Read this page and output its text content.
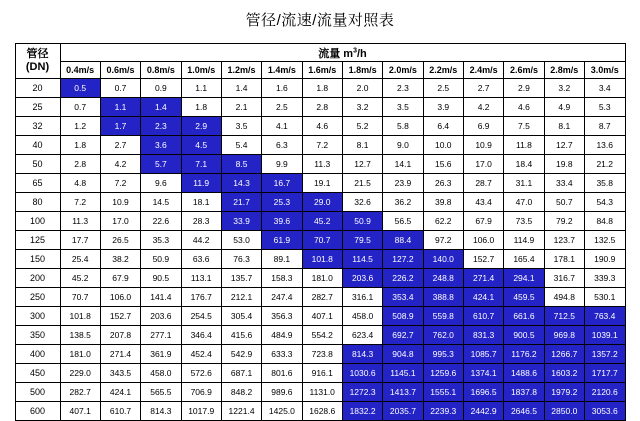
管径/流速/流量对照表
管径
(DN)	流量 $m^3/h$													
	0.4m/s	0.6m/s	0.8m/s	1.0m/s	1.2m/s	1.4m/s	1.6m/s	1.8m/s	2.0m/s	2.2m/s	2.4m/s	2.6m/s	2.8m/s	3.0m/s
20	0.5	0.7	0.9	1.1	1.4	1.6	1.8	2.0	2.3	2.5	2.7	2.9	3.2	3.4
25	0.7	1.1	1.4	1.8	2.1	2.5	2.8	3.2	3.5	3.9	4.2	4.6	4.9	5.3
32	1.2	1.7	2.3	2.9	3.5	4.1	4.6	5.2	5.8	6.4	6.9	7.5	8.1	8.7
40	1.8	2.7	3.6	4.5	5.4	6.3	7.2	8.1	9.0	10.0	10.9	11.8	12.7	13.6
50	2.8	4.2	5.7	7.1	8.5	9.9	11.3	12.7	14.1	15.6	17.0	18.4	19.8	21.2
65	4.8	7.2	9.6	11.9	14.3	16.7	19.1	21.5	23.9	26.3	28.7	31.1	33.4	35.8
80	7.2	10.9	14.5	18.1	21.7	25.3	29.0	32.6	36.2	39.8	43.4	47.0	50.7	54.3
100	11.3	17.0	22.6	28.3	33.9	39.6	45.2	50.9	56.5	62.2	67.9	73.5	79.2	84.8
125	17.7	26.5	35.3	44.2	53.0	61.9	70.7	79.5	88.4	97.2	106.0	114.9	123.7	132.5
150	25.4	38.2	50.9	63.6	76.3	89.1	101.8	114.5	127.2	140.0	152.7	165.4	178.1	190.9
200	45.2	67.9	90.5	113.1	135.7	158.3	181.0	203.6	226.2	248.8	271.4	294.1	316.7	339.3
250	70.7	106.0	141.4	176.7	212.1	247.4	282.7	316.1	353.4	388.8	424.1	459.5	494.8	530.1
300	101.8	152.7	203.6	254.5	305.4	356.3	407.1	458.0	508.9	559.8	610.7	661.6	712.5	763.4
350	138.5	207.8	277.1	346.4	415.6	484.9	554.2	623.4	692.7	762.0	831.3	900.5	969.8	1039.1
400	181.0	271.4	361.9	452.4	542.9	633.3	723.8	814.3	904.8	995.3	1085.7	1176.2	1266.7	1357.2
450	229.0	343.5	458.0	572.6	687.1	801.6	916.1	1030.6	1145.1	1259.6	1374.1	1488.6	1603.2	1717.7
500	282.7	424.1	565.5	706.9	848.2	989.6	1131.0	1272.3	1413.7	1555.1	1696.5	1837.8	1979.2	2120.6
600	407.1	610.7	814.3	1017.9	1221.4	1425.0	1628.6	1832.2	2035.7	2239.3	2442.9	2646.5	2850.0	3053.6
